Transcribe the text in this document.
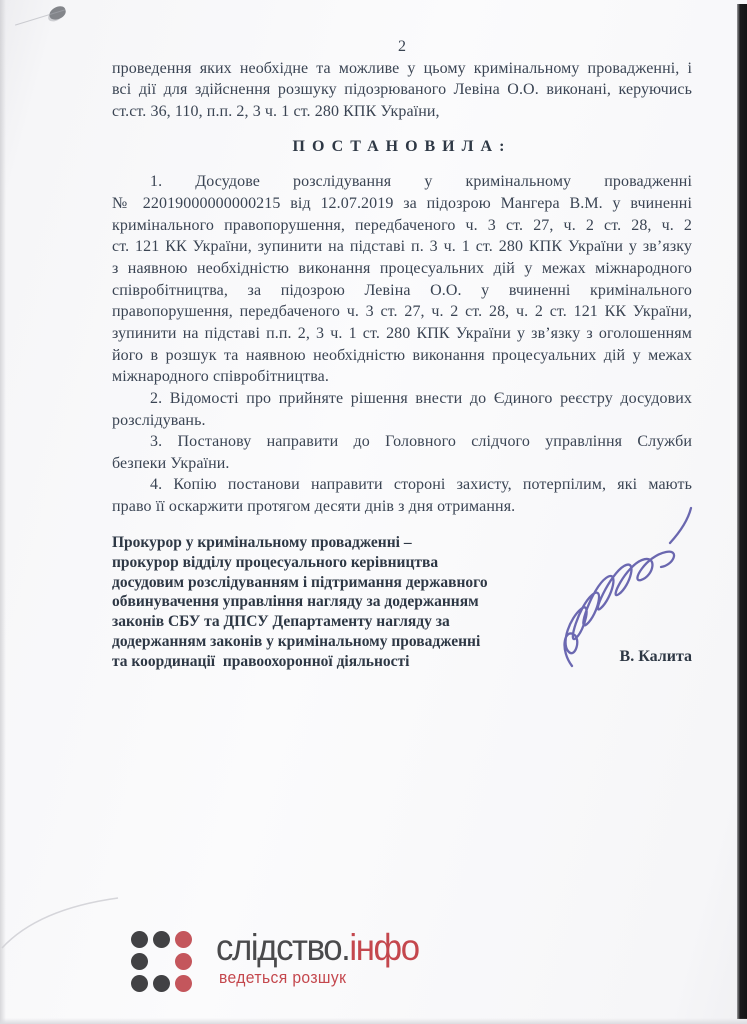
2
проведення яких необхідне та можливе у цьому кримінальному провадженні, і
всі дії для здійснення розшуку підозрюваного Левіна О.О. виконані, керуючись
ст.ст. 36, 110, п.п. 2, 3 ч. 1 ст. 280 КПК України,
ПОСТАНОВИЛА:
1. Досудове розслідування у кримінальному провадженні
№ 22019000000000215 від 12.07.2019 за підозрою Мангера В.М. у вчиненні
кримінального правопорушення, передбаченого ч. 3 ст. 27, ч. 2 ст. 28, ч. 2
ст. 121 КК України, зупинити на підставі п. 3 ч. 1 ст. 280 КПК України у зв’язку
з наявною необхідністю виконання процесуальних дій у межах міжнародного
співробітництва, за підозрою Левіна О.О. у вчиненні кримінального
правопорушення, передбаченого ч. 3 ст. 27, ч. 2 ст. 28, ч. 2 ст. 121 КК України,
зупинити на підставі п.п. 2, 3 ч. 1 ст. 280 КПК України у зв’язку з оголошенням
його в розшук та наявною необхідністю виконання процесуальних дій у межах
міжнародного співробітництва.
2. Відомості про прийняте рішення внести до Єдиного реєстру досудових
розслідувань.
3. Постанову направити до Головного слідчого управління Служби
безпеки України.
4. Копію постанови направити стороні захисту, потерпілим, які мають
право її оскаржити протягом десяти днів з дня отримання.
Прокурор у кримінальному провадженні –
прокурор відділу процесуального керівництва
досудовим розслідуванням і підтримання державного
обвинувачення управління нагляду за додержанням
законів СБУ та ДПСУ Департаменту нагляду за
додержанням законів у кримінальному провадженні
та координації  правоохоронної діяльності	В. Калита
слідство.інфо
ведеться розшук
